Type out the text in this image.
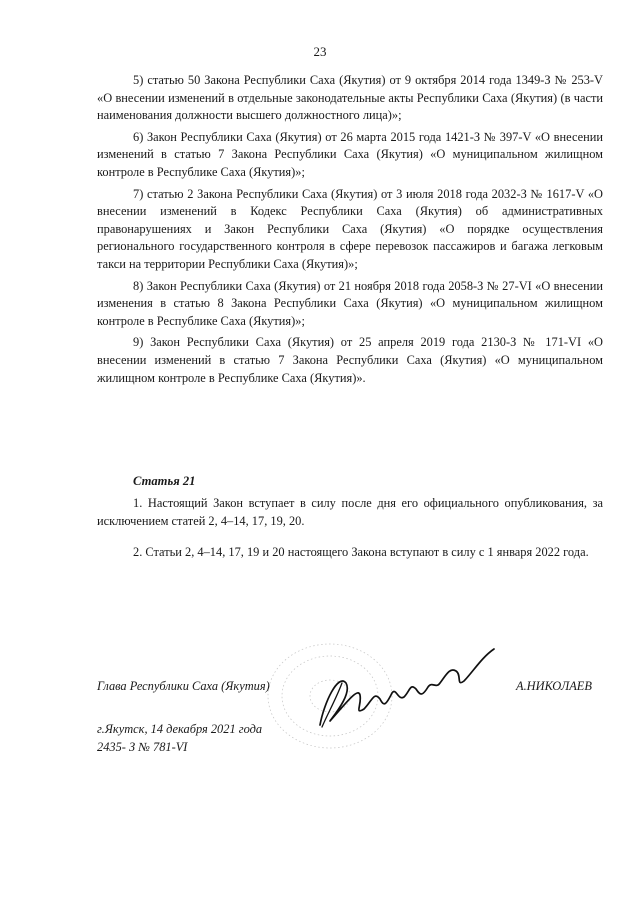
23

5) статью 50 Закона Республики Саха (Якутия) от 9 октября 2014 года 1349-З № 253-V «О внесении изменений в отдельные законодательные акты Республики Саха (Якутия) (в части наименования должности высшего должностного лица)»;

6) Закон Республики Саха (Якутия) от 26 марта 2015 года 1421-З № 397-V «О внесении изменений в статью 7 Закона Республики Саха (Якутия) «О муниципальном жилищном контроле в Республике Саха (Якутия)»;

7) статью 2 Закона Республики Саха (Якутия) от 3 июля 2018 года 2032-З № 1617-V «О внесении изменений в Кодекс Республики Саха (Якутия) об административных правонарушениях и Закон Республики Саха (Якутия) «О порядке осуществления регионального государственного контроля в сфере перевозок пассажиров и багажа легковым такси на территории Республики Саха (Якутия)»;

8) Закон Республики Саха (Якутия) от 21 ноября 2018 года 2058-З № 27-VI «О внесении изменения в статью 8 Закона Республики Саха (Якутия) «О муниципальном жилищном контроле в Республике Саха (Якутия)»;

9) Закон Республики Саха (Якутия) от 25 апреля 2019 года 2130-З № 171-VI «О внесении изменений в статью 7 Закона Республики Саха (Якутия) «О муниципальном жилищном контроле в Республике Саха (Якутия)».

Статья 21

1. Настоящий Закон вступает в силу после дня его официального опубликования, за исключением статей 2, 4–14, 17, 19, 20.

2. Статьи 2, 4–14, 17, 19 и 20 настоящего Закона вступают в силу с 1 января 2022 года.

Глава Республики Саха (Якутия)	А.НИКОЛАЕВ
г.Якутск, 14 декабря 2021 года
2435- З № 781-VI
